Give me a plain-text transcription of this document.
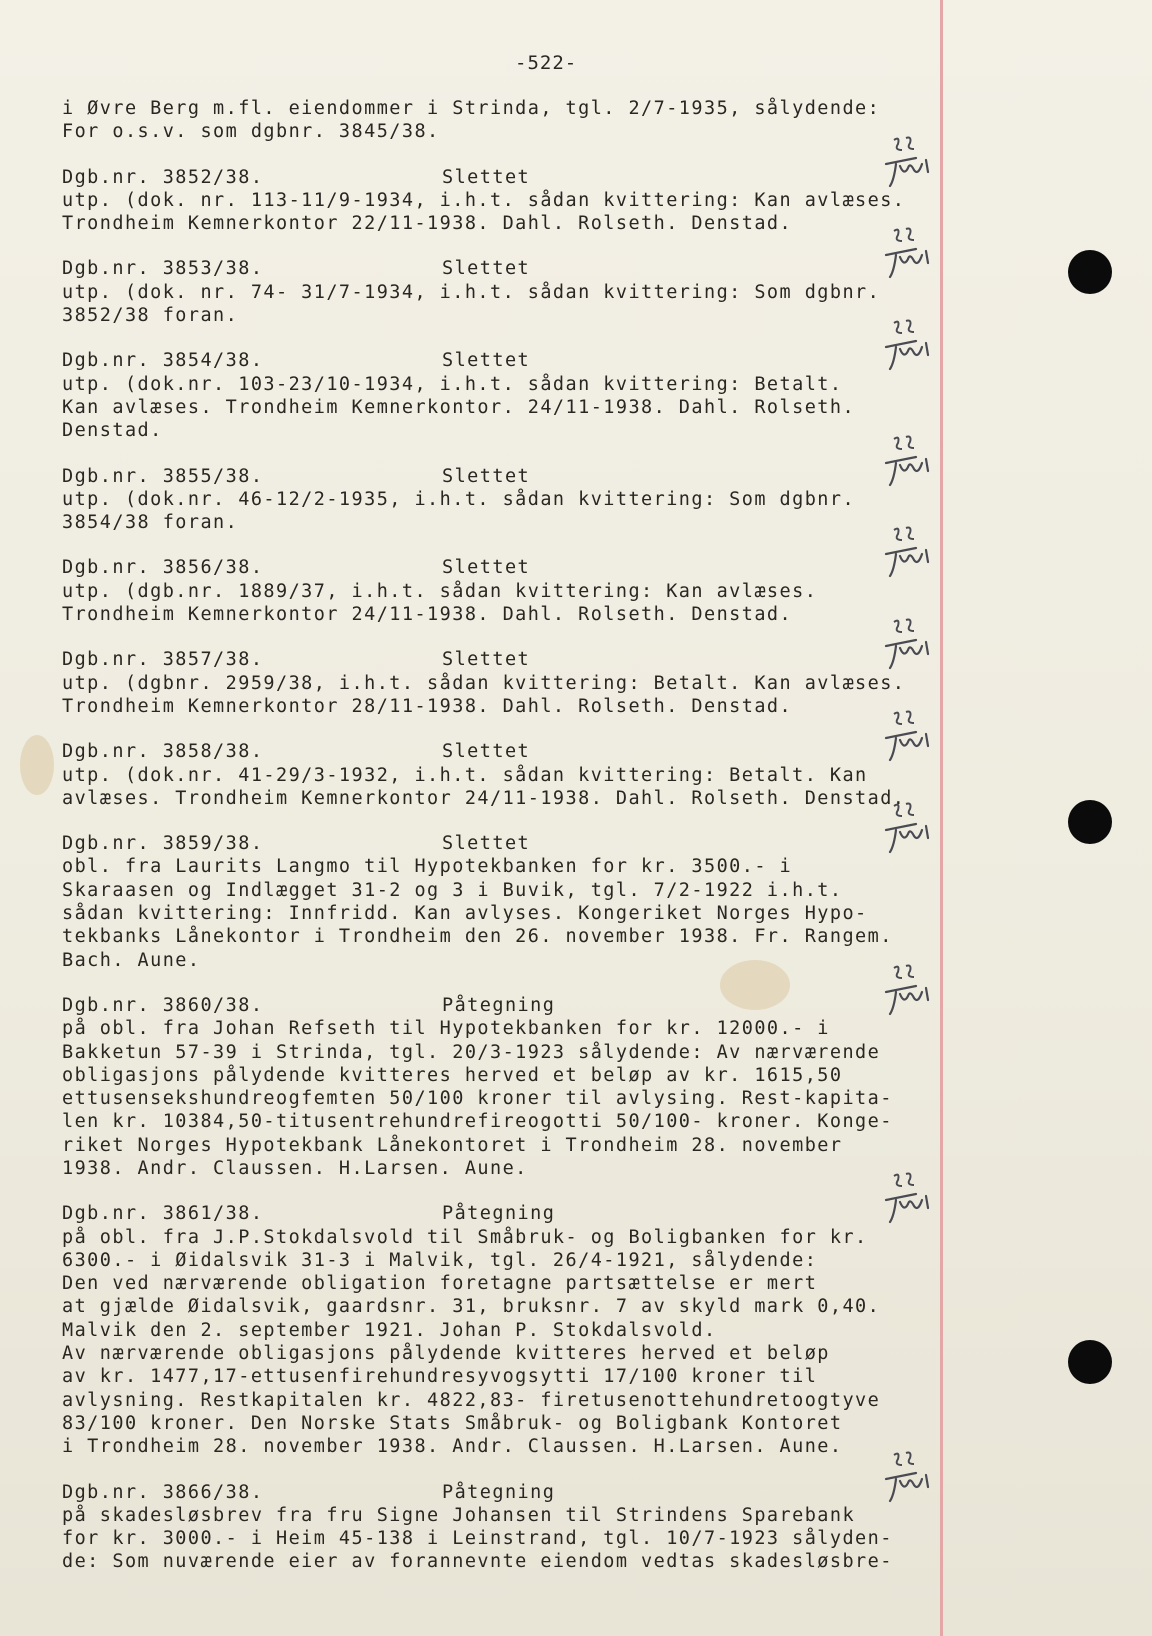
-522-
i Øvre Berg m.fl. eiendommer i Strinda, tgl. 2/7-1935, sålydende:
For o.s.v. som dgbnr. 3845/38.
Dgb.nr. 3852/38.	Slettet
utp. (dok. nr. 113-11/9-1934, i.h.t. sådan kvittering: Kan avlæses.
Trondheim Kemnerkontor 22/11-1938. Dahl. Rolseth. Denstad.
Dgb.nr. 3853/38.	Slettet
utp. (dok. nr. 74- 31/7-1934, i.h.t. sådan kvittering: Som dgbnr.
3852/38 foran.
Dgb.nr. 3854/38.	Slettet
utp. (dok.nr. 103-23/10-1934, i.h.t. sådan kvittering: Betalt.
Kan avlæses. Trondheim Kemnerkontor. 24/11-1938. Dahl. Rolseth.
Denstad.
Dgb.nr. 3855/38.	Slettet
utp. (dok.nr. 46-12/2-1935, i.h.t. sådan kvittering: Som dgbnr.
3854/38 foran.
Dgb.nr. 3856/38.	Slettet
utp. (dgb.nr. 1889/37, i.h.t. sådan kvittering: Kan avlæses.
Trondheim Kemnerkontor 24/11-1938. Dahl. Rolseth. Denstad.
Dgb.nr. 3857/38.	Slettet
utp. (dgbnr. 2959/38, i.h.t. sådan kvittering: Betalt. Kan avlæses.
Trondheim Kemnerkontor 28/11-1938. Dahl. Rolseth. Denstad.
Dgb.nr. 3858/38.	Slettet
utp. (dok.nr. 41-29/3-1932, i.h.t. sådan kvittering: Betalt. Kan
avlæses. Trondheim Kemnerkontor 24/11-1938. Dahl. Rolseth. Denstad.
Dgb.nr. 3859/38.	Slettet
obl. fra Laurits Langmo til Hypotekbanken for kr. 3500.- i
Skaraasen og Indlægget 31-2 og 3 i Buvik, tgl. 7/2-1922 i.h.t.
sådan kvittering: Innfridd. Kan avlyses. Kongeriket Norges Hypo-
tekbanks Lånekontor i Trondheim den 26. november 1938. Fr. Rangem.
Bach. Aune.
Dgb.nr. 3860/38.	Påtegning
på obl. fra Johan Refseth til Hypotekbanken for kr. 12000.- i
Bakketun 57-39 i Strinda, tgl. 20/3-1923 sålydende: Av nærværende
obligasjons pålydende kvitteres herved et beløp av kr. 1615,50
ettusensekshundreogfemten 50/100 kroner til avlysing. Rest-kapita-
len kr. 10384,50-titusentrehundrefireogotti 50/100- kroner. Konge-
riket Norges Hypotekbank Lånekontoret i Trondheim 28. november
1938. Andr. Claussen. H.Larsen. Aune.
Dgb.nr. 3861/38.	Påtegning
på obl. fra J.P.Stokdalsvold til Småbruk- og Boligbanken for kr.
6300.- i Øidalsvik 31-3 i Malvik, tgl. 26/4-1921, sålydende:
Den ved nærværende obligation foretagne partsættelse er mert
at gjælde Øidalsvik, gaardsnr. 31, bruksnr. 7 av skyld mark 0,40.
Malvik den 2. september 1921. Johan P. Stokdalsvold.
Av nærværende obligasjons pålydende kvitteres herved et beløp
av kr. 1477,17-ettusenfirehundresyvogsytti 17/100 kroner til
avlysning. Restkapitalen kr. 4822,83- firetusenottehundretoogtyve
83/100 kroner. Den Norske Stats Småbruk- og Boligbank Kontoret
i Trondheim 28. november 1938. Andr. Claussen. H.Larsen. Aune.
Dgb.nr. 3866/38.	Påtegning
på skadesløsbrev fra fru Signe Johansen til Strindens Sparebank
for kr. 3000.- i Heim 45-138 i Leinstrand, tgl. 10/7-1923 sålyden-
de: Som nuværende eier av forannevnte eiendom vedtas skadesløsbre-
